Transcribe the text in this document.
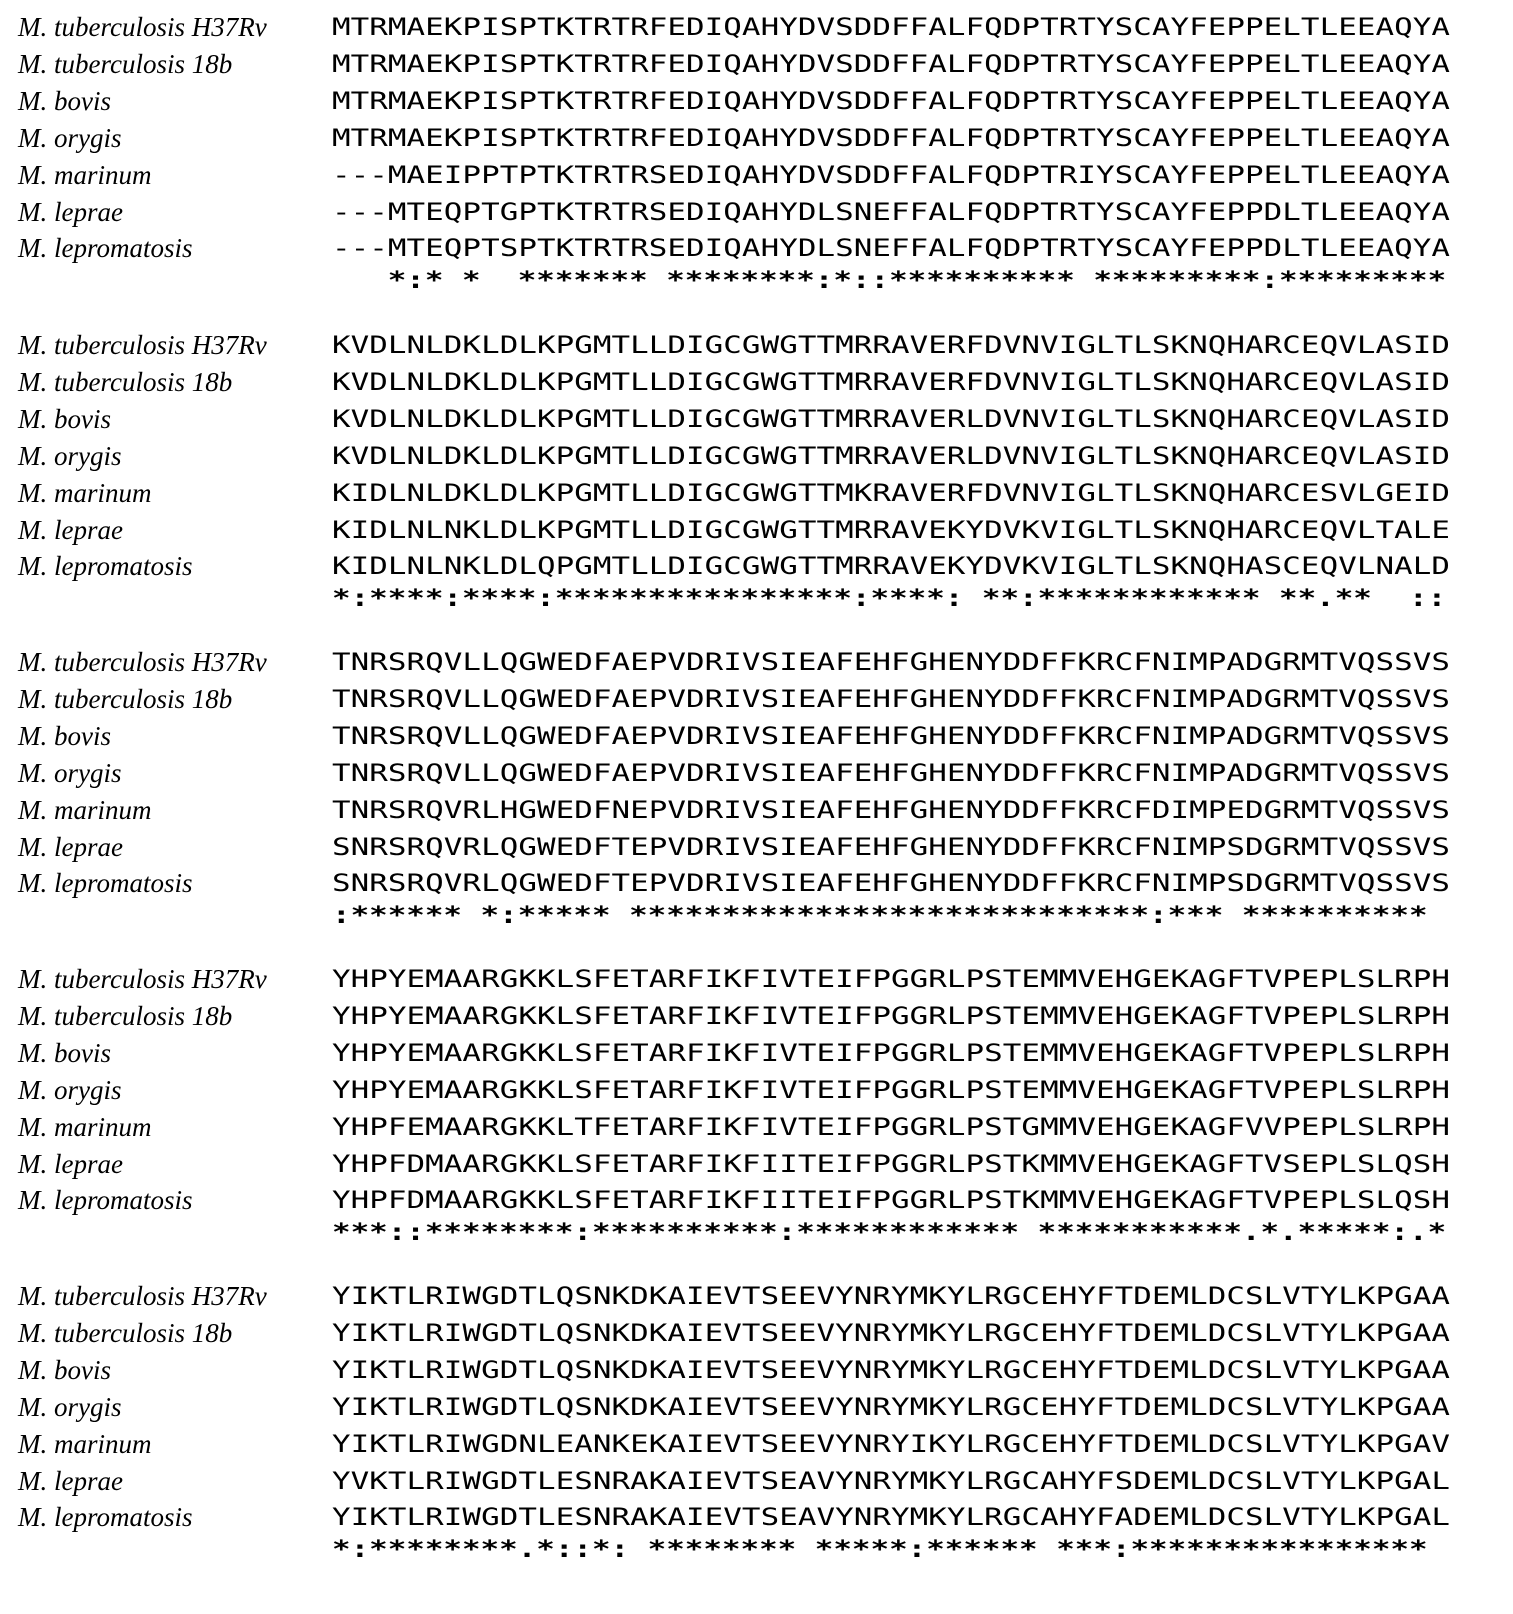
M. tuberculosis H37Rv	MTRMAEKPISPTKTRTRFEDIQAHYDVSDDFFALFQDPTRTYSCAYFEPPELTLEEAQYA
M. tuberculosis 18b	MTRMAEKPISPTKTRTRFEDIQAHYDVSDDFFALFQDPTRTYSCAYFEPPELTLEEAQYA
M. bovis	MTRMAEKPISPTKTRTRFEDIQAHYDVSDDFFALFQDPTRTYSCAYFEPPELTLEEAQYA
M. orygis	MTRMAEKPISPTKTRTRFEDIQAHYDVSDDFFALFQDPTRTYSCAYFEPPELTLEEAQYA
M. marinum	---MAEIPPTPTKTRTRSEDIQAHYDVSDDFFALFQDPTRIYSCAYFEPPELTLEEAQYA
M. leprae	---MTEQPTGPTKTRTRSEDIQAHYDLSNEFFALFQDPTRTYSCAYFEPPDLTLEEAQYA
M. lepromatosis	---MTEQPTSPTKTRTRSEDIQAHYDLSNEFFALFQDPTRTYSCAYFEPPDLTLEEAQYA
*:* *  ******* ********:*::********** *********:*********
M. tuberculosis H37Rv	KVDLNLDKLDLKPGMTLLDIGCGWGTTMRRAVERFDVNVIGLTLSKNQHARCEQVLASID
M. tuberculosis 18b	KVDLNLDKLDLKPGMTLLDIGCGWGTTMRRAVERFDVNVIGLTLSKNQHARCEQVLASID
M. bovis	KVDLNLDKLDLKPGMTLLDIGCGWGTTMRRAVERLDVNVIGLTLSKNQHARCEQVLASID
M. orygis	KVDLNLDKLDLKPGMTLLDIGCGWGTTMRRAVERLDVNVIGLTLSKNQHARCEQVLASID
M. marinum	KIDLNLDKLDLKPGMTLLDIGCGWGTTMKRAVERFDVNVIGLTLSKNQHARCESVLGEID
M. leprae	KIDLNLNKLDLKPGMTLLDIGCGWGTTMRRAVEKYDVKVIGLTLSKNQHARCEQVLTALE
M. lepromatosis	KIDLNLNKLDLQPGMTLLDIGCGWGTTMRRAVEKYDVKVIGLTLSKNQHASCEQVLNALD
*:****:****:****************:****: **:************ **.**  ::
M. tuberculosis H37Rv	TNRSRQVLLQGWEDFAEPVDRIVSIEAFEHFGHENYDDFFKRCFNIMPADGRMTVQSSVS
M. tuberculosis 18b	TNRSRQVLLQGWEDFAEPVDRIVSIEAFEHFGHENYDDFFKRCFNIMPADGRMTVQSSVS
M. bovis	TNRSRQVLLQGWEDFAEPVDRIVSIEAFEHFGHENYDDFFKRCFNIMPADGRMTVQSSVS
M. orygis	TNRSRQVLLQGWEDFAEPVDRIVSIEAFEHFGHENYDDFFKRCFNIMPADGRMTVQSSVS
M. marinum	TNRSRQVRLHGWEDFNEPVDRIVSIEAFEHFGHENYDDFFKRCFDIMPEDGRMTVQSSVS
M. leprae	SNRSRQVRLQGWEDFTEPVDRIVSIEAFEHFGHENYDDFFKRCFNIMPSDGRMTVQSSVS
M. lepromatosis	SNRSRQVRLQGWEDFTEPVDRIVSIEAFEHFGHENYDDFFKRCFNIMPSDGRMTVQSSVS
:****** *:***** ****************************:*** **********
M. tuberculosis H37Rv	YHPYEMAARGKKLSFETARFIKFIVTEIFPGGRLPSTEMMVEHGEKAGFTVPEPLSLRPH
M. tuberculosis 18b	YHPYEMAARGKKLSFETARFIKFIVTEIFPGGRLPSTEMMVEHGEKAGFTVPEPLSLRPH
M. bovis	YHPYEMAARGKKLSFETARFIKFIVTEIFPGGRLPSTEMMVEHGEKAGFTVPEPLSLRPH
M. orygis	YHPYEMAARGKKLSFETARFIKFIVTEIFPGGRLPSTEMMVEHGEKAGFTVPEPLSLRPH
M. marinum	YHPFEMAARGKKLTFETARFIKFIVTEIFPGGRLPSTGMMVEHGEKAGFVVPEPLSLRPH
M. leprae	YHPFDMAARGKKLSFETARFIKFIITEIFPGGRLPSTKMMVEHGEKAGFTVSEPLSLQSH
M. lepromatosis	YHPFDMAARGKKLSFETARFIKFIITEIFPGGRLPSTKMMVEHGEKAGFTVPEPLSLQSH
***::********:**********:************ ***********.*.*****:.*
M. tuberculosis H37Rv	YIKTLRIWGDTLQSNKDKAIEVTSEEVYNRYMKYLRGCEHYFTDEMLDCSLVTYLKPGAA
M. tuberculosis 18b	YIKTLRIWGDTLQSNKDKAIEVTSEEVYNRYMKYLRGCEHYFTDEMLDCSLVTYLKPGAA
M. bovis	YIKTLRIWGDTLQSNKDKAIEVTSEEVYNRYMKYLRGCEHYFTDEMLDCSLVTYLKPGAA
M. orygis	YIKTLRIWGDTLQSNKDKAIEVTSEEVYNRYMKYLRGCEHYFTDEMLDCSLVTYLKPGAA
M. marinum	YIKTLRIWGDNLEANKEKAIEVTSEEVYNRYIKYLRGCEHYFTDEMLDCSLVTYLKPGAV
M. leprae	YVKTLRIWGDTLESNRAKAIEVTSEAVYNRYMKYLRGCAHYFSDEMLDCSLVTYLKPGAL
M. lepromatosis	YIKTLRIWGDTLESNRAKAIEVTSEAVYNRYMKYLRGCAHYFADEMLDCSLVTYLKPGAL
*:********.*::*: ******** *****:****** ***:****************
